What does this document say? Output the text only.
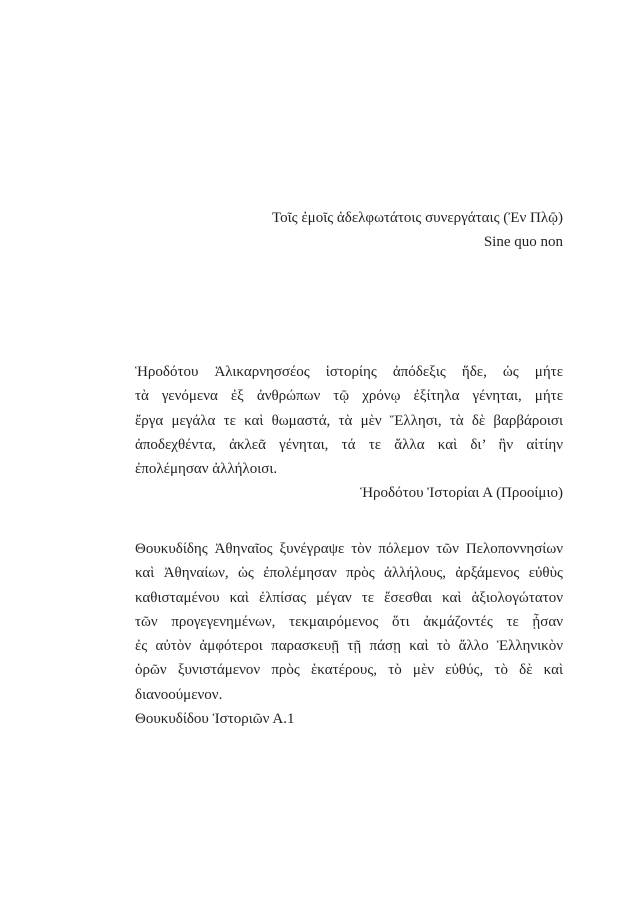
Τοῖς ἐμοῖς ἀδελφωτάτοις συνεργάταις (Ἐν Πλῷ)
Sine quo non
Ἡροδότου Ἁλικαρνησσέος ἱστορίης ἀπόδεξις ἥδε, ὡς μήτε
τὰ γενόμενα ἐξ ἀνθρώπων τῷ χρόνῳ ἐξίτηλα γένηται, μήτε
ἔργα μεγάλα τε καὶ θωμαστά, τὰ μὲν Ἕλλησι, τὰ δὲ βαρβάροισι
ἀποδεχθέντα, ἀκλεᾶ γένηται, τά τε ἄλλα καὶ δι’ ἣν αἰτίην
ἐπολέμησαν ἀλλήλοισι.
Ἡροδότου Ἱστορίαι Α (Προοίμιο)
Θουκυδίδης Ἀθηναῖος ξυνέγραψε τὸν πόλεμον τῶν Πελοποννησίων
καὶ Ἀθηναίων, ὡς ἐπολέμησαν πρὸς ἀλλήλους, ἀρξάμενος εὐθὺς
καθισταμένου καὶ ἐλπίσας μέγαν τε ἔσεσθαι καὶ ἀξιολογώτατον
τῶν προγεγενημένων, τεκμαιρόμενος ὅτι ἀκμάζοντές τε ᾖσαν
ἐς αὐτὸν ἀμφότεροι παρασκευῇ τῇ πάσῃ καὶ τὸ ἄλλο Ἑλληνικὸν
ὁρῶν ξυνιστάμενον πρὸς ἑκατέρους, τὸ μὲν εὐθύς, τὸ δὲ καὶ
διανοούμενον.
Θουκυδίδου Ἱστοριῶν Α.1
